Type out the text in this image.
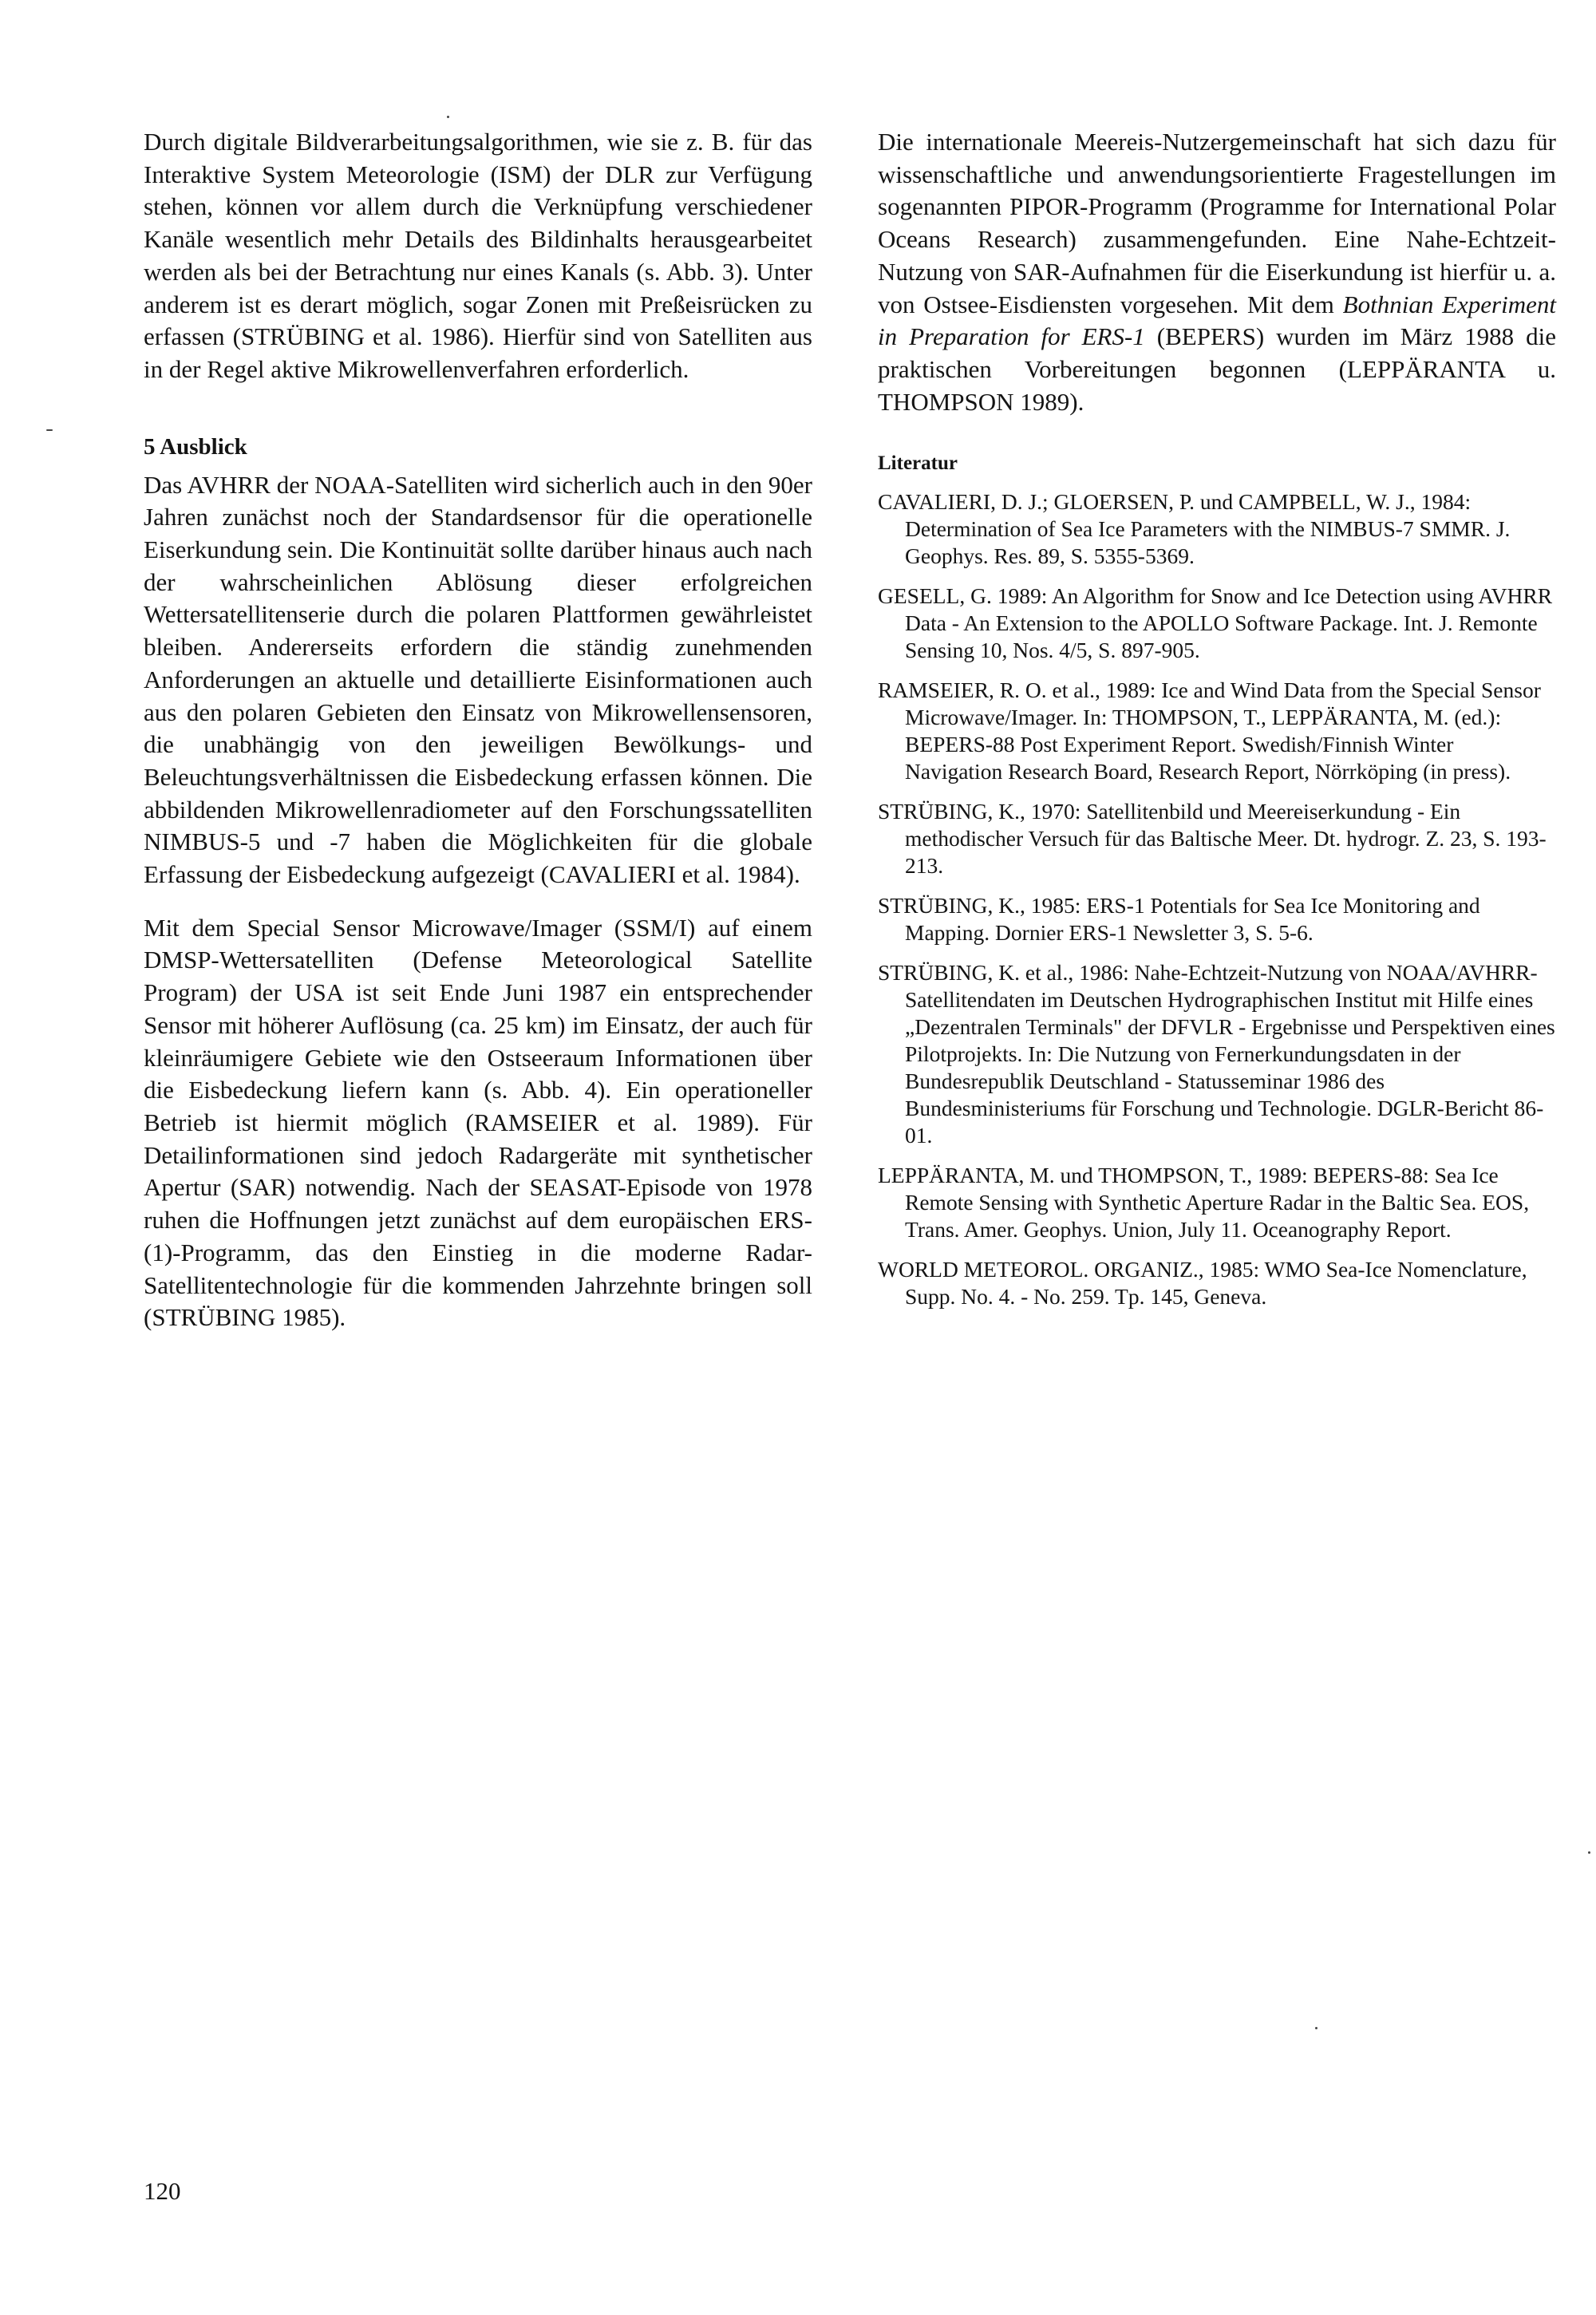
Durch digitale Bildverarbeitungsalgorithmen, wie sie z. B. für das Interaktive System Meteorologie (ISM) der DLR zur Verfügung stehen, können vor allem durch die Verknüpfung verschiedener Kanäle wesentlich mehr Details des Bildinhalts herausgearbeitet werden als bei der Betrachtung nur eines Kanals (s. Abb. 3). Unter anderem ist es derart möglich, sogar Zonen mit Preßeisrücken zu erfassen (STRÜBING et al. 1986). Hierfür sind von Satelliten aus in der Regel aktive Mikrowellenverfahren erforderlich.

5 Ausblick

Das AVHRR der NOAA-Satelliten wird sicherlich auch in den 90er Jahren zunächst noch der Standardsensor für die operationelle Eiserkundung sein. Die Kontinuität sollte darüber hinaus auch nach der wahrscheinlichen Ablösung dieser erfolgreichen Wettersatellitenserie durch die polaren Plattformen gewährleistet bleiben. Andererseits erfordern die ständig zunehmenden Anforderungen an aktuelle und detaillierte Eisinformationen auch aus den polaren Gebieten den Einsatz von Mikrowellensensoren, die unabhängig von den jeweiligen Bewölkungs- und Beleuchtungsverhältnissen die Eisbedeckung erfassen können. Die abbildenden Mikrowellenradiometer auf den Forschungssatelliten NIMBUS-5 und -7 haben die Möglichkeiten für die globale Erfassung der Eisbedeckung aufgezeigt (CAVALIERI et al. 1984).

Mit dem Special Sensor Microwave/Imager (SSM/I) auf einem DMSP-Wettersatelliten (Defense Meteorological Satellite Program) der USA ist seit Ende Juni 1987 ein entsprechender Sensor mit höherer Auflösung (ca. 25 km) im Einsatz, der auch für kleinräumigere Gebiete wie den Ostseeraum Informationen über die Eisbedeckung liefern kann (s. Abb. 4). Ein operationeller Betrieb ist hiermit möglich (RAMSEIER et al. 1989). Für Detailinformationen sind jedoch Radargeräte mit synthetischer Apertur (SAR) notwendig. Nach der SEASAT-Episode von 1978 ruhen die Hoffnungen jetzt zunächst auf dem europäischen ERS-(1)-Programm, das den Einstieg in die moderne Radar-Satellitentechnologie für die kommenden Jahrzehnte bringen soll (STRÜBING 1985).

Die internationale Meereis-Nutzergemeinschaft hat sich dazu für wissenschaftliche und anwendungsorientierte Fragestellungen im sogenannten PIPOR-Programm (Programme for International Polar Oceans Research) zusammengefunden. Eine Nahe-Echtzeit-Nutzung von SAR-Aufnahmen für die Eiserkundung ist hierfür u. a. von Ostsee-Eisdiensten vorgesehen. Mit dem Bothnian Experiment in Preparation for ERS-1 (BEPERS) wurden im März 1988 die praktischen Vorbereitungen begonnen (LEPPÄRANTA u. THOMPSON 1989).

Literatur

CAVALIERI, D. J.; GLOERSEN, P. und CAMPBELL, W. J., 1984: Determination of Sea Ice Parameters with the NIMBUS-7 SMMR. J. Geophys. Res. 89, S. 5355-5369.

GESELL, G. 1989: An Algorithm for Snow and Ice Detection using AVHRR Data - An Extension to the APOLLO Software Package. Int. J. Remonte Sensing 10, Nos. 4/5, S. 897-905.

RAMSEIER, R. O. et al., 1989: Ice and Wind Data from the Special Sensor Microwave/Imager. In: THOMPSON, T., LEPPÄRANTA, M. (ed.): BEPERS-88 Post Experiment Report. Swedish/Finnish Winter Navigation Research Board, Research Report, Nörrköping (in press).

STRÜBING, K., 1970: Satellitenbild und Meereiserkundung - Ein methodischer Versuch für das Baltische Meer. Dt. hydrogr. Z. 23, S. 193-213.

STRÜBING, K., 1985: ERS-1 Potentials for Sea Ice Monitoring and Mapping. Dornier ERS-1 Newsletter 3, S. 5-6.

STRÜBING, K. et al., 1986: Nahe-Echtzeit-Nutzung von NOAA/AVHRR-Satellitendaten im Deutschen Hydrographischen Institut mit Hilfe eines „Dezentralen Terminals" der DFVLR - Ergebnisse und Perspektiven eines Pilotprojekts. In: Die Nutzung von Fernerkundungsdaten in der Bundesrepublik Deutschland - Statusseminar 1986 des Bundesministeriums für Forschung und Technologie. DGLR-Bericht 86-01.

LEPPÄRANTA, M. und THOMPSON, T., 1989: BEPERS-88: Sea Ice Remote Sensing with Synthetic Aperture Radar in the Baltic Sea. EOS, Trans. Amer. Geophys. Union, July 11. Oceanography Report.

WORLD METEOROL. ORGANIZ., 1985: WMO Sea-Ice Nomenclature, Supp. No. 4. - No. 259. Tp. 145, Geneva.

120
